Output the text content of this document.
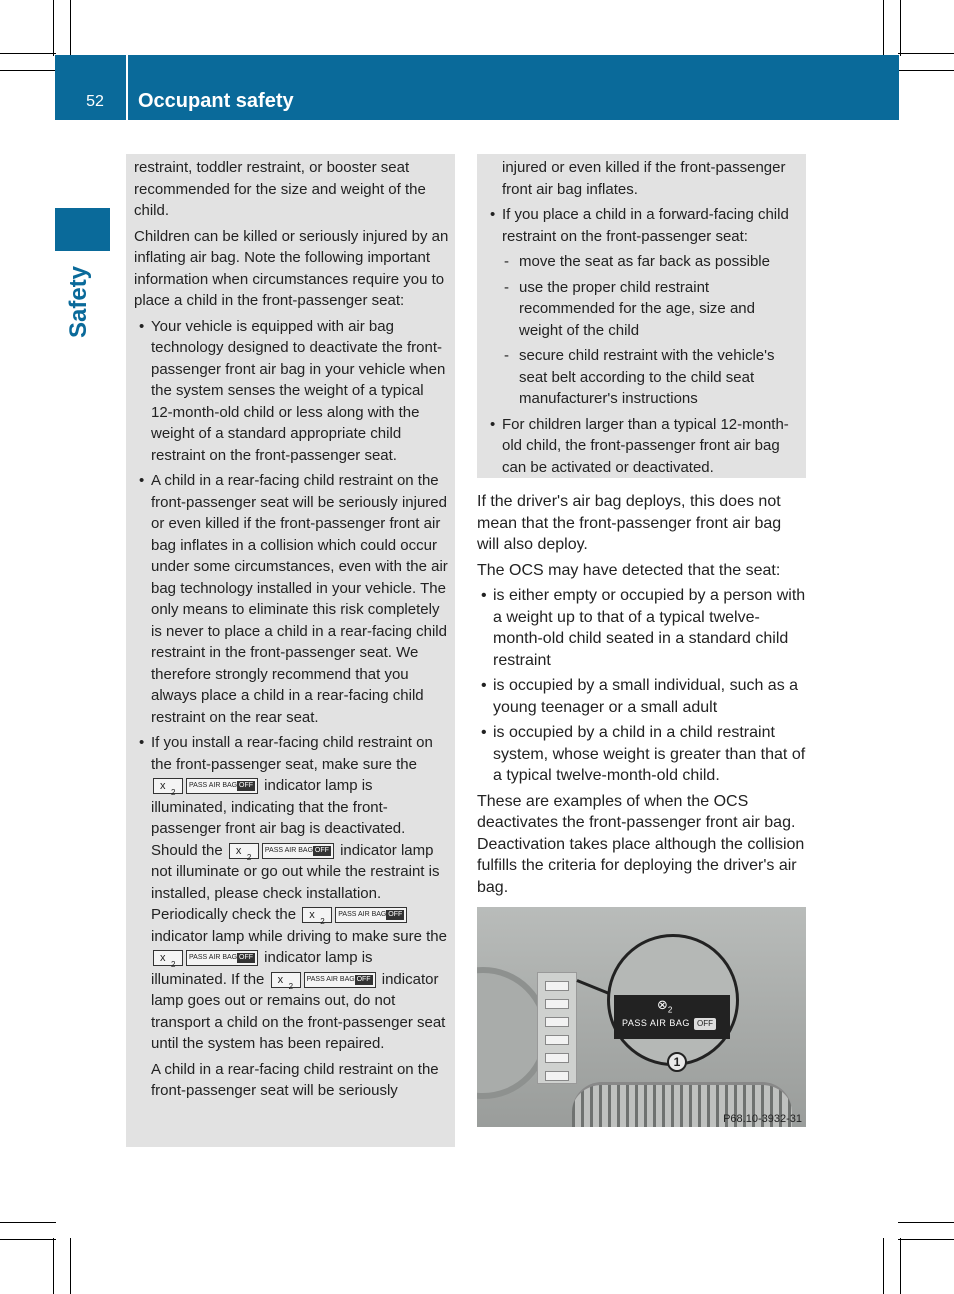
52	Occupant safety
Safety

restraint, toddler restraint, or booster seat recommended for the size and weight of the child.

Children can be killed or seriously injured by an inflating air bag. Note the following important information when circumstances require you to place a child in the front-passenger seat:

• Your vehicle is equipped with air bag technology designed to deactivate the front-passenger front air bag in your vehicle when the system senses the weight of a typical 12-month-old child or less along with the weight of a standard appropriate child restraint on the front-passenger seat.
• A child in a rear-facing child restraint on the front-passenger seat will be seriously injured or even killed if the front-passenger front air bag inflates in a collision which could occur under some circumstances, even with the air bag technology installed in your vehicle. The only means to eliminate this risk completely is never to place a child in a rear-facing child restraint in the front-passenger seat. We therefore strongly recommend that you always place a child in a rear-facing child restraint on the rear seat.
• If you install a rear-facing child restraint on the front-passenger seat, make sure the
x 2
PASS AIR BAG OFF indicator lamp is illuminated, indicating that the front-passenger front air bag is deactivated. Should the x 2	PASS AIR BAG OFF indicator lamp not illuminate or go out while the restraint is installed, please check installation. Periodically check the x 2	PASS AIR BAG OFF
indicator lamp while driving to make sure the
x 2
PASS AIR BAG OFF indicator lamp is illuminated. If the x 2	PASS AIR BAG OFF indicator lamp goes out or remains out, do not transport a child on the front-passenger seat until the system has been repaired.

A child in a rear-facing child restraint on the front-passenger seat will be seriously

injured or even killed if the front-passenger front air bag inflates.

• If you place a child in a forward-facing child restraint on the front-passenger seat:
- move the seat as far back as possible
- use the proper child restraint recommended for the age, size and weight of the child
- secure child restraint with the vehicle's seat belt according to the child seat manufacturer's instructions
• For children larger than a typical 12-month-old child, the front-passenger front air bag can be activated or deactivated.

If the driver's air bag deploys, this does not mean that the front-passenger front air bag will also deploy.

The OCS may have detected that the seat:

• is either empty or occupied by a person with a weight up to that of a typical twelve-month-old child seated in a standard child restraint
• is occupied by a small individual, such as a young teenager or a small adult
• is occupied by a child in a child restraint system, whose weight is greater than that of a typical twelve-month-old child.

These are examples of when the OCS deactivates the front-passenger front air bag. Deactivation takes place although the collision fulfills the criteria for deploying the driver's air bag.

$\otimes_2$
PASS AIR BAG OFF
1
P68.10-3932-31
